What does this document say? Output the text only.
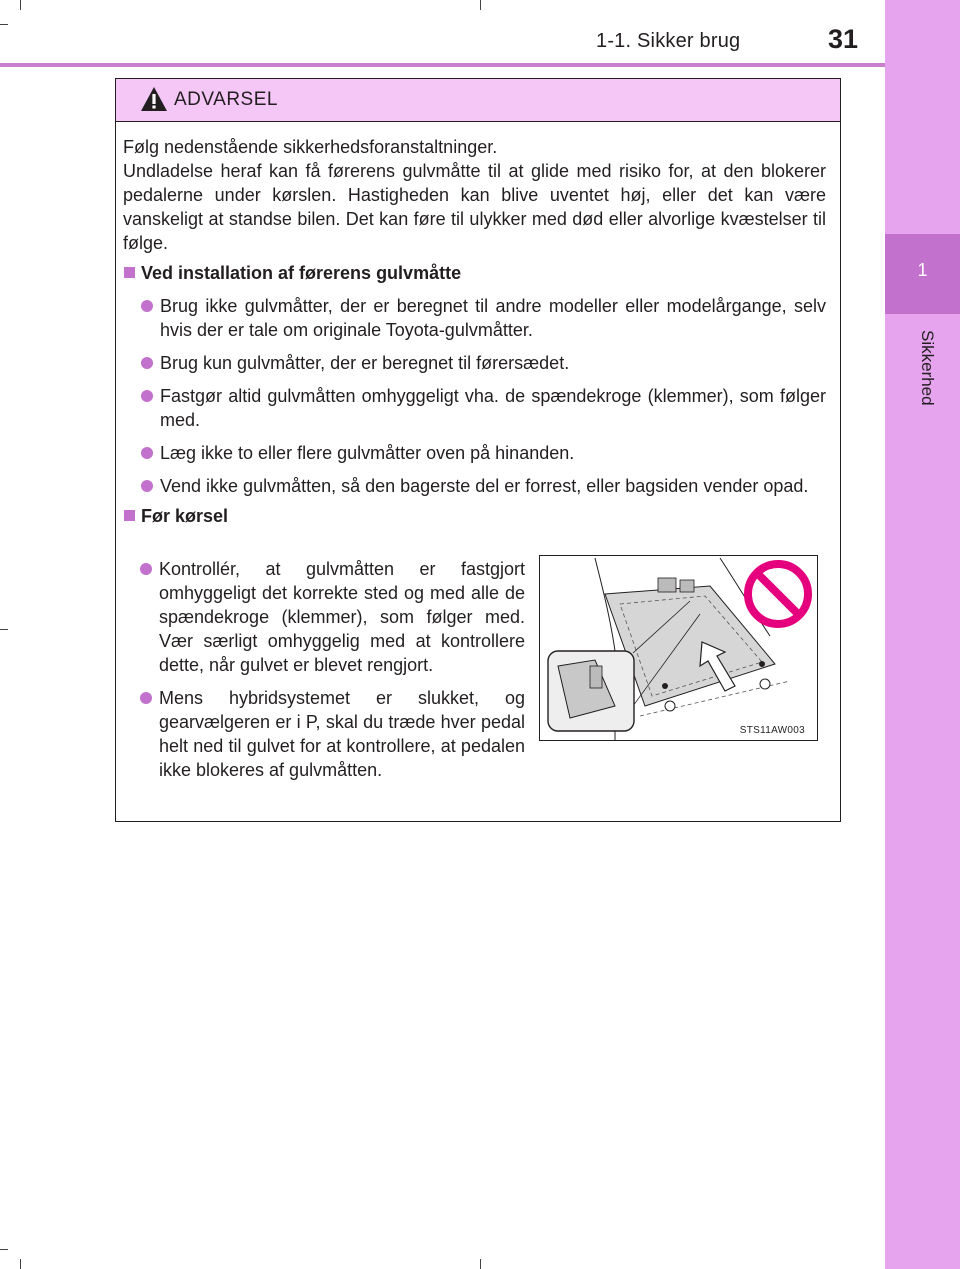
1-1. Sikker brug	31
1
Sikkerhed
ADVARSEL

Følg nedenstående sikkerhedsforanstaltninger.

Undladelse heraf kan få førerens gulvmåtte til at glide med risiko for, at den blokerer pedalerne under kørslen. Hastigheden kan blive uventet høj, eller det kan være vanskeligt at standse bilen. Det kan føre til ulykker med død eller alvorlige kvæstelser til følge.

Ved installation af førerens gulvmåtte
Brug ikke gulvmåtter, der er beregnet til andre modeller eller modelårgange, selv hvis der er tale om originale Toyota-gulvmåtter.
Brug kun gulvmåtter, der er beregnet til førersædet.
Fastgør altid gulvmåtten omhyggeligt vha. de spændekroge (klemmer), som følger med.
Læg ikke to eller flere gulvmåtter oven på hinanden.
Vend ikke gulvmåtten, så den bagerste del er forrest, eller bagsiden vender opad.
Før kørsel
Kontrollér, at gulvmåtten er fastgjort omhyggeligt det korrekte sted og med alle de spændekroge (klemmer), som følger med. Vær særligt omhyggelig med at kontrollere dette, når gulvet er blevet rengjort.
Mens hybridsystemet er slukket, og gearvælgeren er i P, skal du træde hver pedal helt ned til gulvet for at kontrollere, at pedalen ikke blokeres af gulvmåtten.
STS11AW003
